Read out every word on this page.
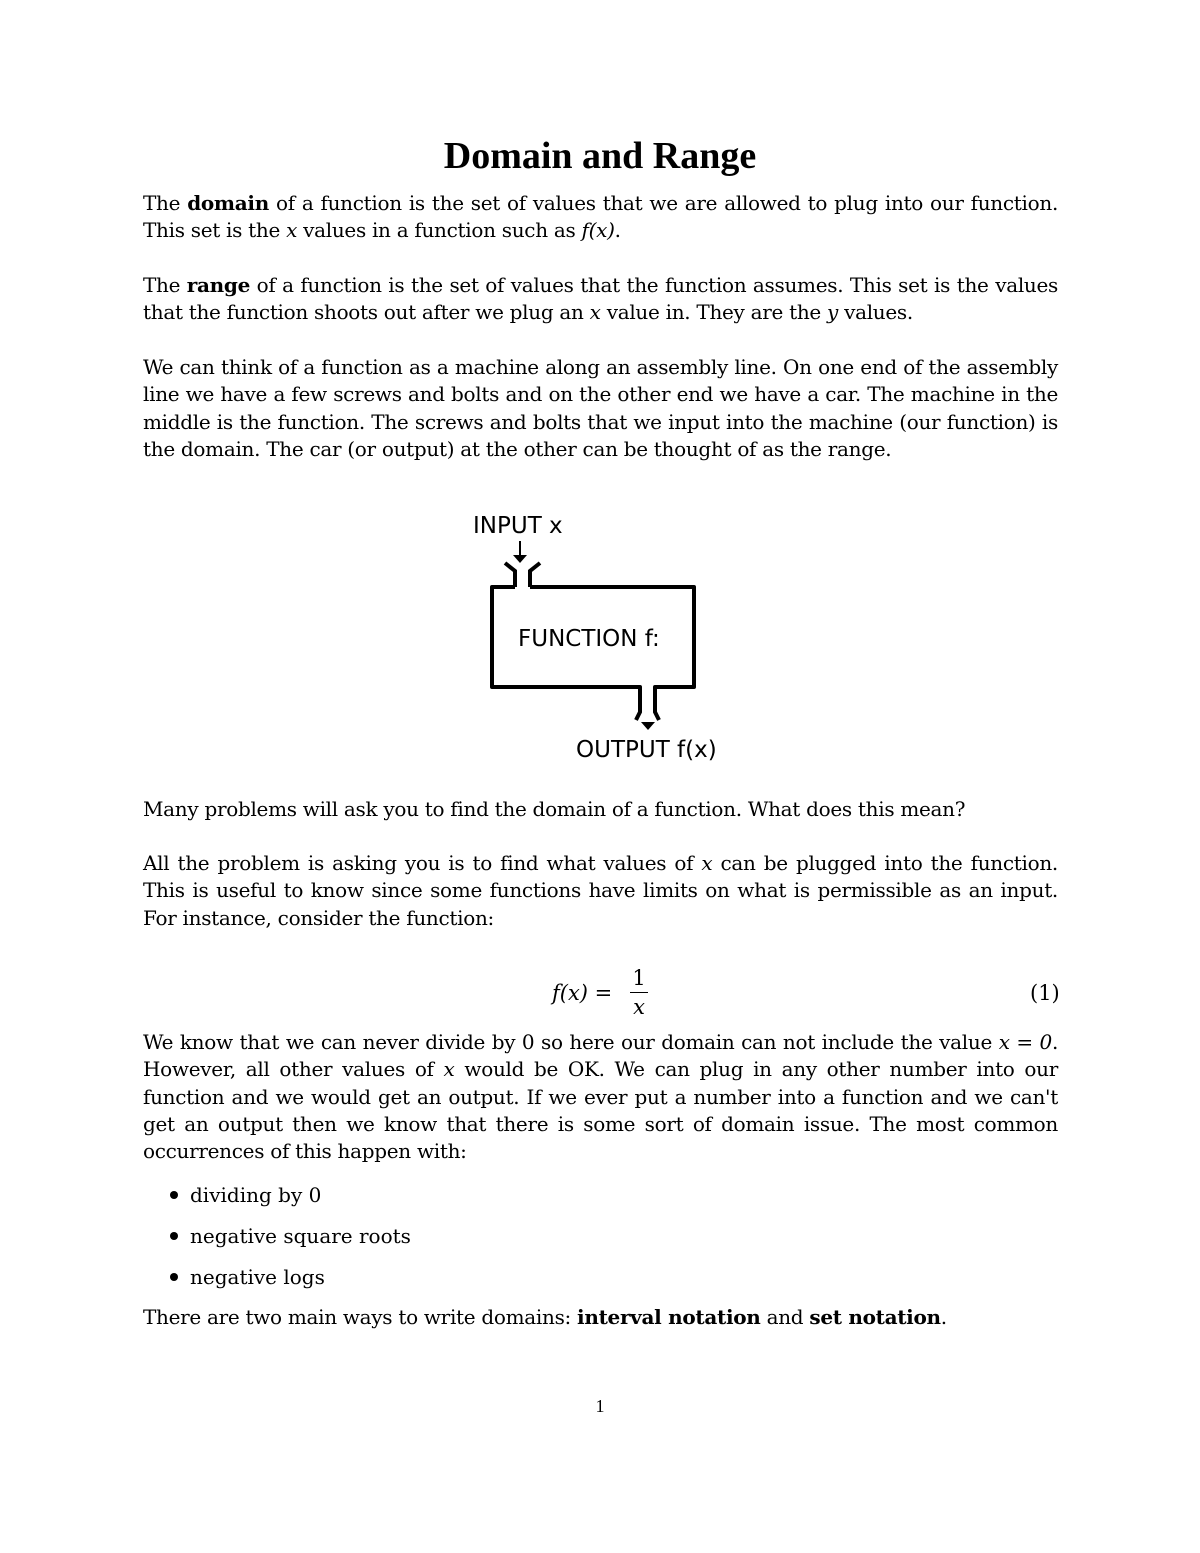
Domain and Range

The domain of a function is the set of values that we are allowed to plug into our function. This set is the x values in a function such as f(x).

The range of a function is the set of values that the function assumes. This set is the values that the function shoots out after we plug an x value in. They are the y values.

We can think of a function as a machine along an assembly line. On one end of the assembly line we have a few screws and bolts and on the other end we have a car. The machine in the middle is the function. The screws and bolts that we input into the machine (our function) is the domain. The car (or output) at the other can be thought of as the range.

INPUT x
FUNCTION f:
OUTPUT f(x)

Many problems will ask you to find the domain of a function. What does this mean?

All the problem is asking you is to find what values of x can be plugged into the function. This is useful to know since some functions have limits on what is permissible as an input. For instance, consider the function:

f(x) =
1
x
(1)

We know that we can never divide by 0 so here our domain can not include the value x = 0. However, all other values of x would be OK. We can plug in any other number into our function and we would get an output. If we ever put a number into a function and we can't get an output then we know that there is some sort of domain issue. The most common occurrences of this happen with:

dividing by 0
negative square roots
negative logs

There are two main ways to write domains: interval notation and set notation.

1
